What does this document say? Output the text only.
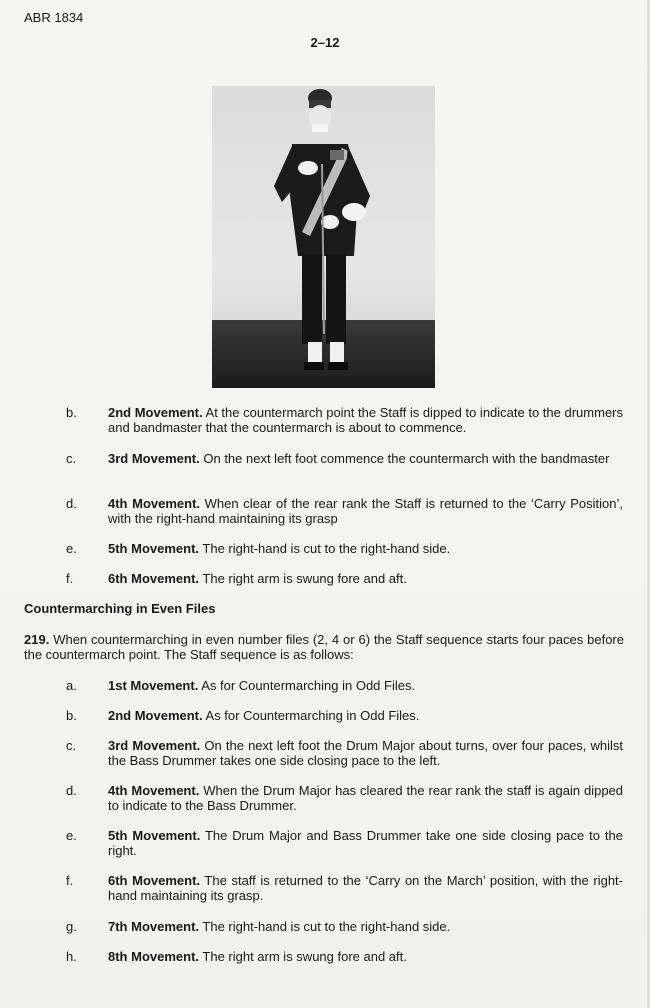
ABR 1834
2–12
b. 2nd Movement. At the countermarch point the Staff is dipped to indicate to the drummers and bandmaster that the countermarch is about to commence.
c. 3rd Movement. On the next left foot commence the countermarch with the bandmaster
d. 4th Movement. When clear of the rear rank the Staff is returned to the ‘Carry Position’, with the right-hand maintaining its grasp
e. 5th Movement. The right-hand is cut to the right-hand side.
f.	6th Movement. The right arm is swung fore and aft.
Countermarching in Even Files
219. When countermarching in even number files (2, 4 or 6) the Staff sequence starts four paces before the countermarch point. The Staff sequence is as follows:
a. 1st Movement. As for Countermarching in Odd Files.
b. 2nd Movement. As for Countermarching in Odd Files.
c. 3rd Movement. On the next left foot the Drum Major about turns, over four paces, whilst the Bass Drummer takes one side closing pace to the left.
d. 4th Movement. When the Drum Major has cleared the rear rank the staff is again dipped to indicate to the Bass Drummer.
e. 5th Movement. The Drum Major and Bass Drummer take one side closing pace to the right.
f.	6th Movement. The staff is returned to the ‘Carry on the March’ position, with the right-hand maintaining its grasp.
g. 7th Movement. The right-hand is cut to the right-hand side.
h. 8th Movement. The right arm is swung fore and aft.
